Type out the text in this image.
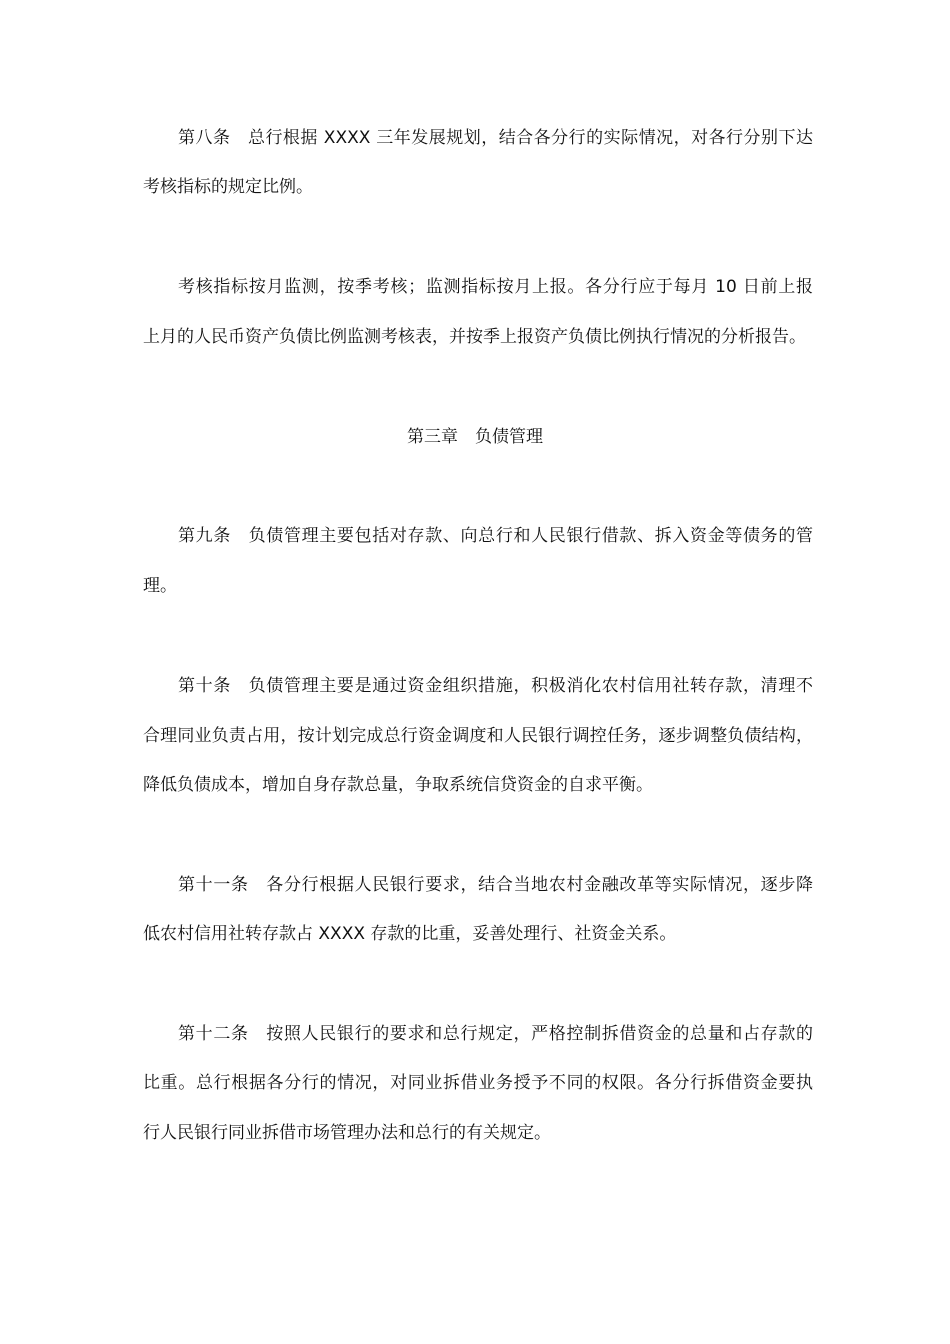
第八条　总行根据 XXXX 三年发展规划，结合各分行的实际情况，对各行分别下达
考核指标的规定比例。
考核指标按月监测，按季考核；监测指标按月上报。各分行应于每月 10 日前上报
上月的人民币资产负债比例监测考核表，并按季上报资产负债比例执行情况的分析报告。
第三章　负债管理
第九条　负债管理主要包括对存款、向总行和人民银行借款、拆入资金等债务的管
理。
第十条　负债管理主要是通过资金组织措施，积极消化农村信用社转存款，清理不
合理同业负责占用，按计划完成总行资金调度和人民银行调控任务，逐步调整负债结构，
降低负债成本，增加自身存款总量，争取系统信贷资金的自求平衡。
第十一条　各分行根据人民银行要求，结合当地农村金融改革等实际情况，逐步降
低农村信用社转存款占 XXXX 存款的比重，妥善处理行、社资金关系。
第十二条　按照人民银行的要求和总行规定，严格控制拆借资金的总量和占存款的
比重。总行根据各分行的情况，对同业拆借业务授予不同的权限。各分行拆借资金要执
行人民银行同业拆借市场管理办法和总行的有关规定。
